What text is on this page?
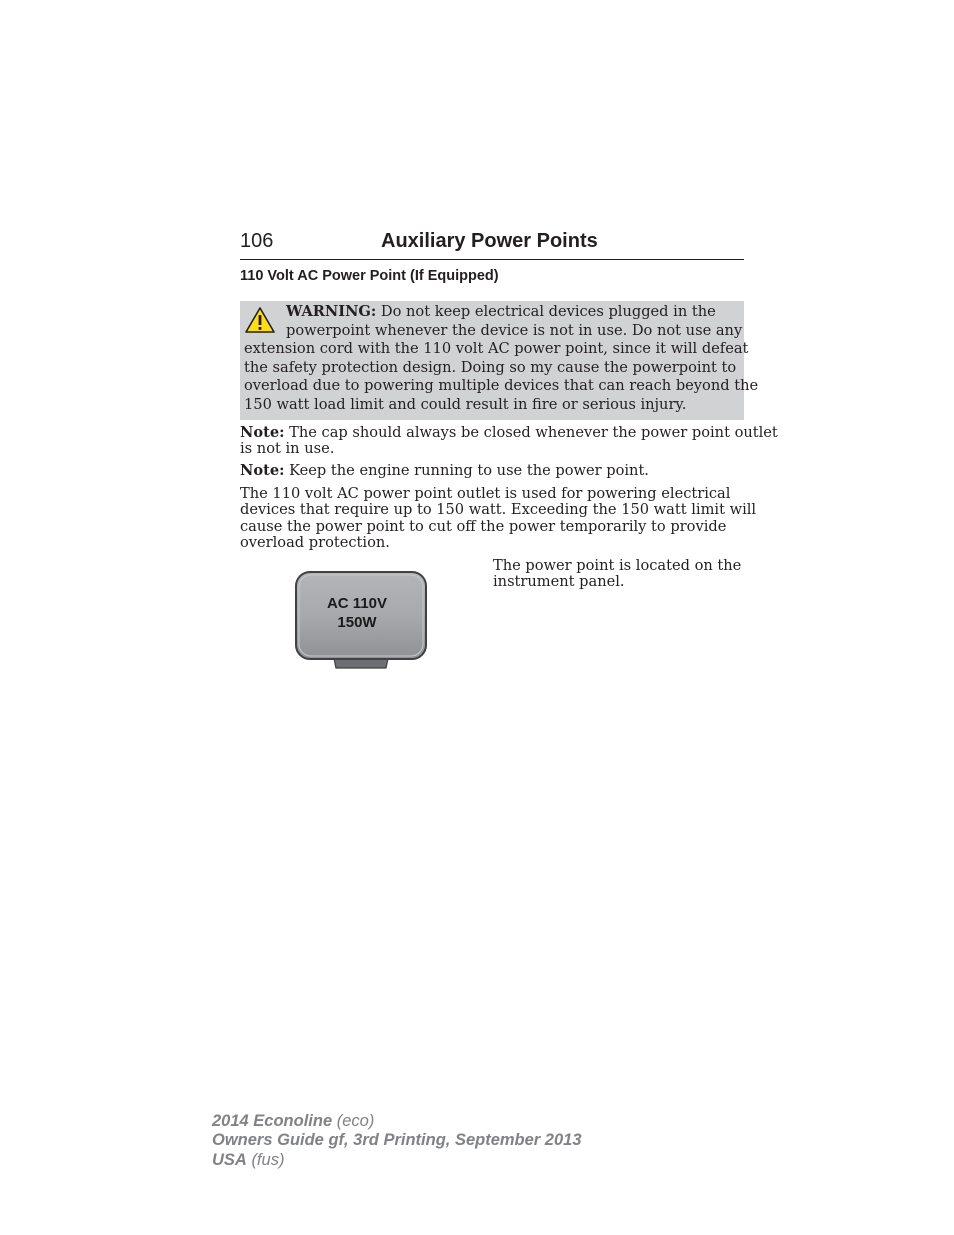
106	Auxiliary Power Points
110 Volt AC Power Point (If Equipped)
WARNING: Do not keep electrical devices plugged in the
powerpoint whenever the device is not in use. Do not use any
extension cord with the 110 volt AC power point, since it will defeat
the safety protection design. Doing so my cause the powerpoint to
overload due to powering multiple devices that can reach beyond the
150 watt load limit and could result in fire or serious injury.
Note: The cap should always be closed whenever the power point outlet
is not in use.
Note: Keep the engine running to use the power point.
The 110 volt AC power point outlet is used for powering electrical
devices that require up to 150 watt. Exceeding the 150 watt limit will
cause the power point to cut off the power temporarily to provide
overload protection.
The power point is located on the
instrument panel.
AC 110V
150W
2014 Econoline (eco)
Owners Guide gf, 3rd Printing, September 2013
USA (fus)
